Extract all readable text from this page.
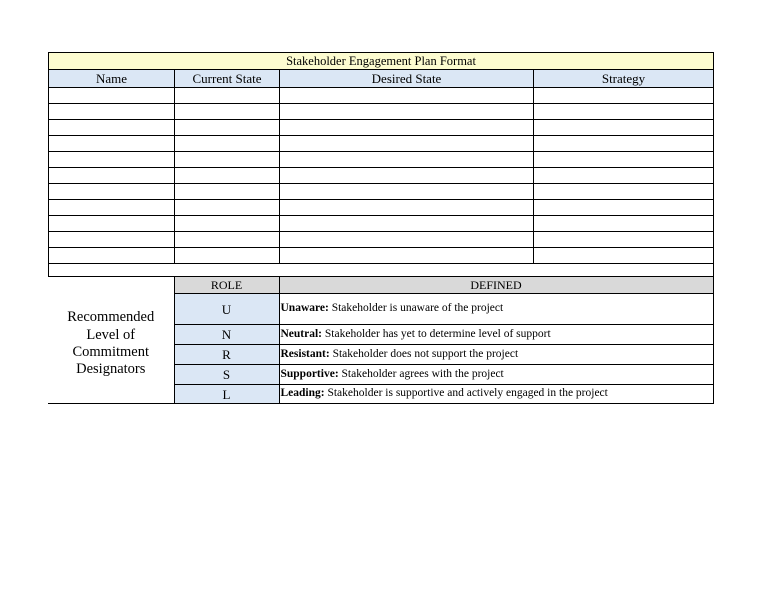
Stakeholder Engagement Plan Format			
Name	Current State	Desired State	Strategy

Recommended Level of Commitment Designators	ROLE	DEFINED
	U	Unaware: Stakeholder is unaware of the project
	N	Neutral: Stakeholder has yet to determine level of support
	R	Resistant: Stakeholder does not support the project
	S	Supportive: Stakeholder agrees with the project
	L	Leading: Stakeholder is supportive and actively engaged in the project
